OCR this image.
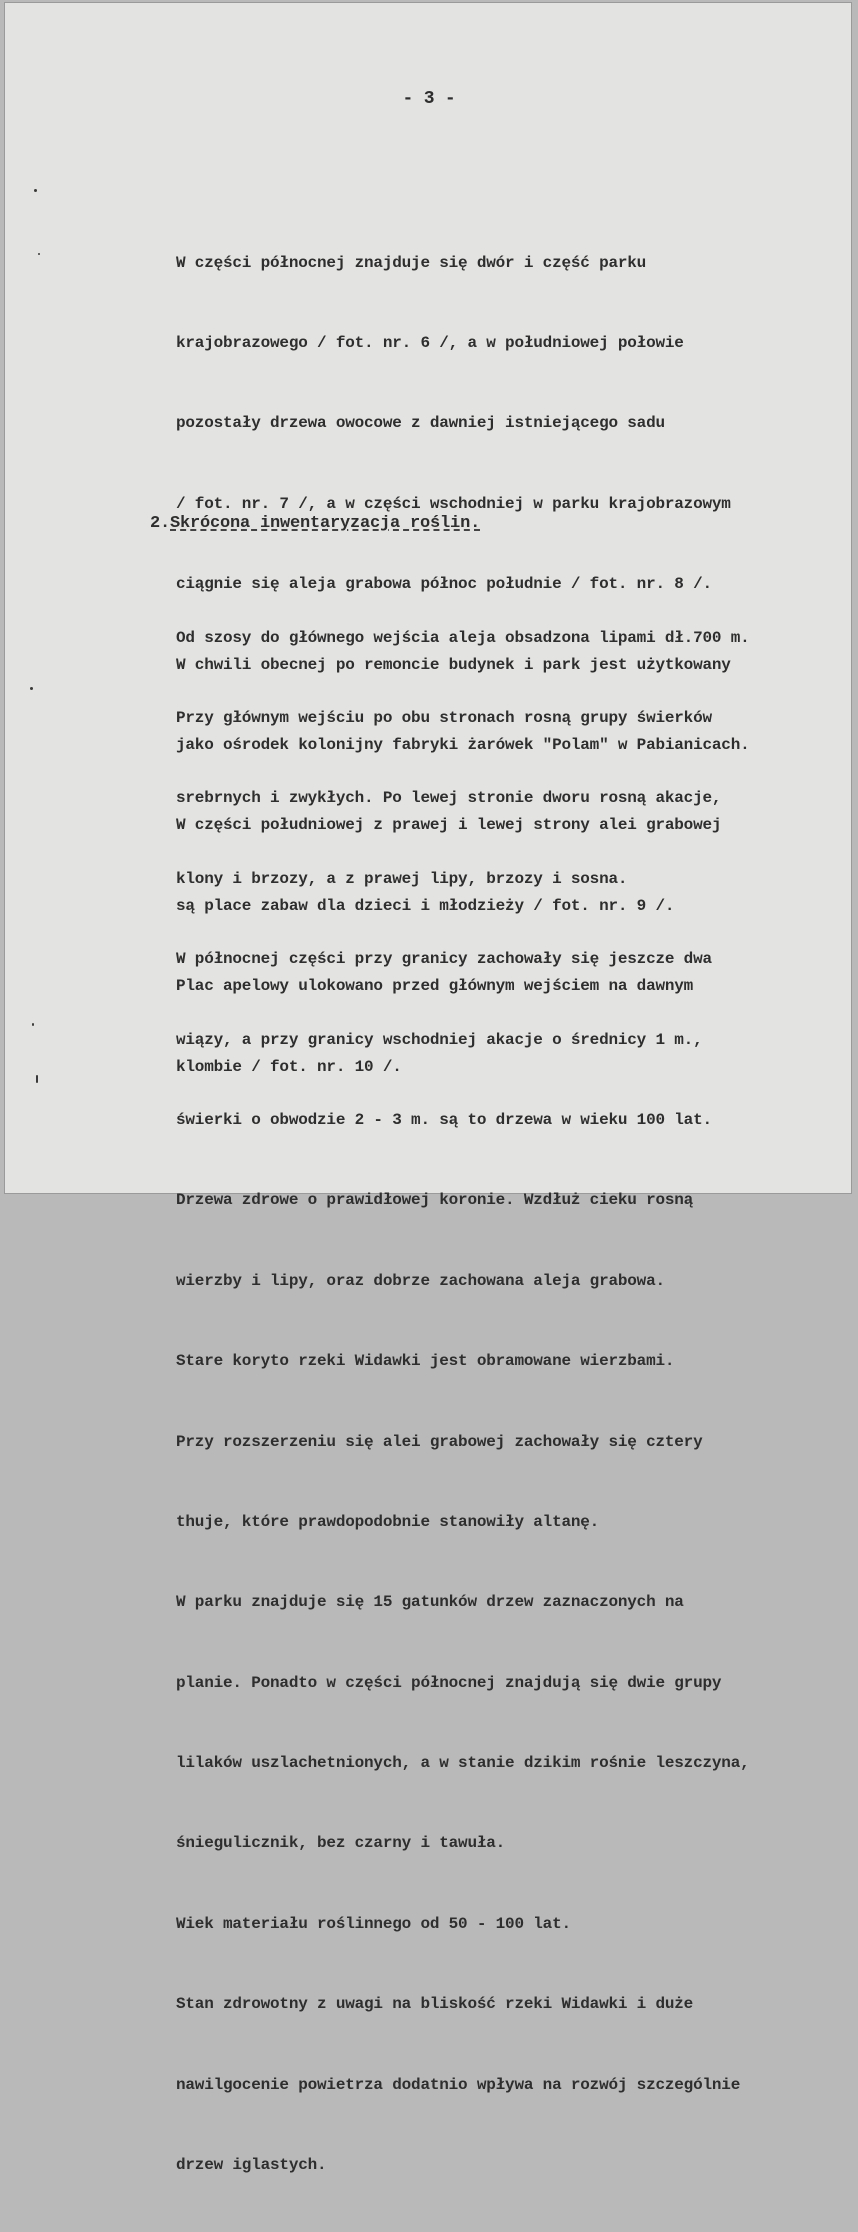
- 3 -

W części północnej znajduje się dwór i część parku

krajobrazowego / fot. nr. 6 /, a w południowej połowie

pozostały drzewa owocowe z dawniej istniejącego sadu

/ fot. nr. 7 /, a w części wschodniej w parku krajobrazowym

ciągnie się aleja grabowa północ południe / fot. nr. 8 /.

W chwili obecnej po remoncie budynek i park jest użytkowany

jako ośrodek kolonijny fabryki żarówek "Polam" w Pabianicach.

W części południowej z prawej i lewej strony alei grabowej

są place zabaw dla dzieci i młodzieży / fot. nr. 9 /.

Plac apelowy ulokowano przed głównym wejściem na dawnym

klombie / fot. nr. 10 /.

2.Skrócona inwentaryzacja roślin.

Od szosy do głównego wejścia aleja obsadzona lipami dł.700 m.

Przy głównym wejściu po obu stronach rosną grupy świerków

srebrnych i zwykłych. Po lewej stronie dworu rosną akacje,

klony i brzozy, a z prawej lipy, brzozy i sosna.

W północnej części przy granicy zachowały się jeszcze dwa

wiązy, a przy granicy wschodniej akacje o średnicy 1 m.,

świerki o obwodzie 2 - 3 m. są to drzewa w wieku 100 lat.

Drzewa zdrowe o prawidłowej koronie. Wzdłuż cieku rosną

wierzby i lipy, oraz dobrze zachowana aleja grabowa.

Stare koryto rzeki Widawki jest obramowane wierzbami.

Przy rozszerzeniu się alei grabowej zachowały się cztery

thuje, które prawdopodobnie stanowiły altanę.

W parku znajduje się 15 gatunków drzew zaznaczonych na

planie. Ponadto w części północnej znajdują się dwie grupy

lilaków uszlachetnionych, a w stanie dzikim rośnie leszczyna,

śniegulicznik, bez czarny i tawuła.

Wiek materiału roślinnego od 50 - 100 lat.

Stan zdrowotny z uwagi na bliskość rzeki Widawki i duże

nawilgocenie powietrza dodatnio wpływa na rozwój szczególnie

drzew iglastych.
